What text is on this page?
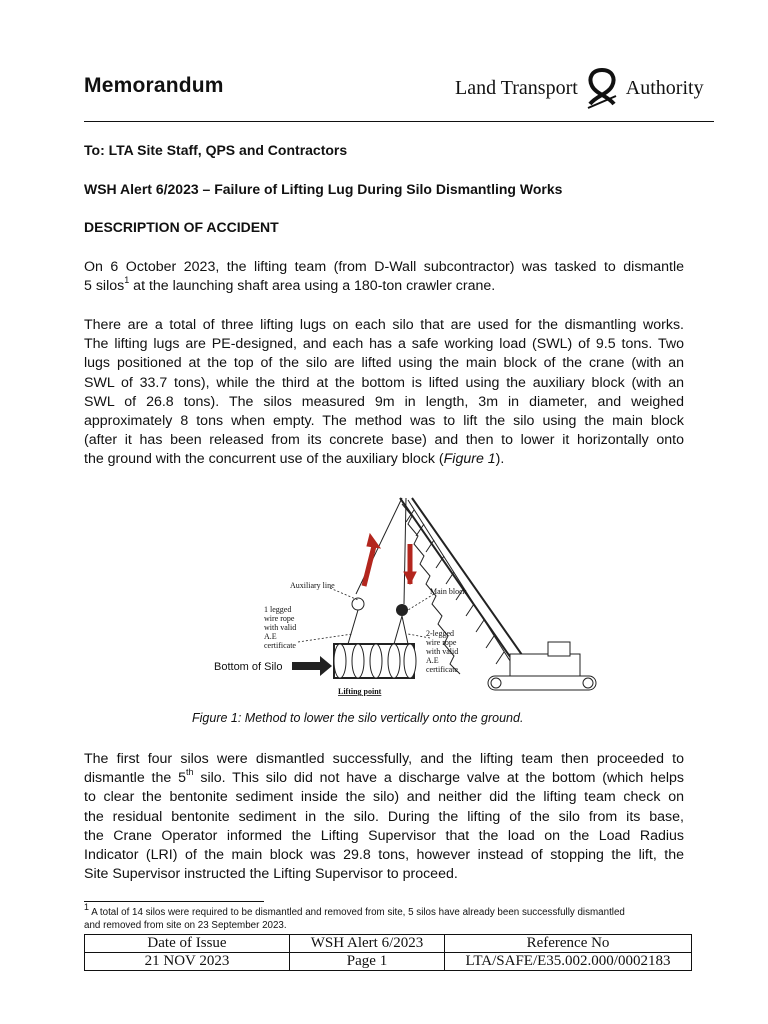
Memorandum	Land Transport Authority
To: LTA Site Staff, QPS and Contractors
WSH Alert 6/2023 – Failure of Lifting Lug During Silo Dismantling Works
DESCRIPTION OF ACCIDENT
On 6 October 2023, the lifting team (from D-Wall subcontractor) was tasked to dismantle
5 silos$^1$ at the launching shaft area using a 180-ton crawler crane.
There are a total of three lifting lugs on each silo that are used for the dismantling works.
The lifting lugs are PE-designed, and each has a safe working load (SWL) of 9.5 tons. Two
lugs positioned at the top of the silo are lifted using the main block of the crane (with an
SWL of 33.7 tons), while the third at the bottom is lifted using the auxiliary block (with an
SWL of 26.8 tons). The silos measured 9m in length, 3m in diameter, and weighed
approximately 8 tons when empty. The method was to lift the silo using the main block
(after it has been released from its concrete base) and then to lower it horizontally onto
the ground with the concurrent use of the auxiliary block (Figure 1).
Auxiliary line
Main block
1 legged
wire rope
with valid
A.E
certificate
2-legged
wire rope
with valid
A.E
certificate
Lifting point
Bottom of Silo
Figure 1: Method to lower the silo vertically onto the ground.
The first four silos were dismantled successfully, and the lifting team then proceeded to
dismantle the 5th silo. This silo did not have a discharge valve at the bottom (which helps
to clear the bentonite sediment inside the silo) and neither did the lifting team check on
the residual bentonite sediment in the silo. During the lifting of the silo from its base,
the Crane Operator informed the Lifting Supervisor that the load on the Load Radius
Indicator (LRI) of the main block was 29.8 tons, however instead of stopping the lift, the
Site Supervisor instructed the Lifting Supervisor to proceed.
$^1$ A total of 14 silos were required to be dismantled and removed from site, 5 silos have already been successfully dismantled
and removed from site on 23 September 2023.
Date of Issue	WSH Alert 6/2023	Reference No
21 NOV 2023	Page 1	LTA/SAFE/E35.002.000/0002183
